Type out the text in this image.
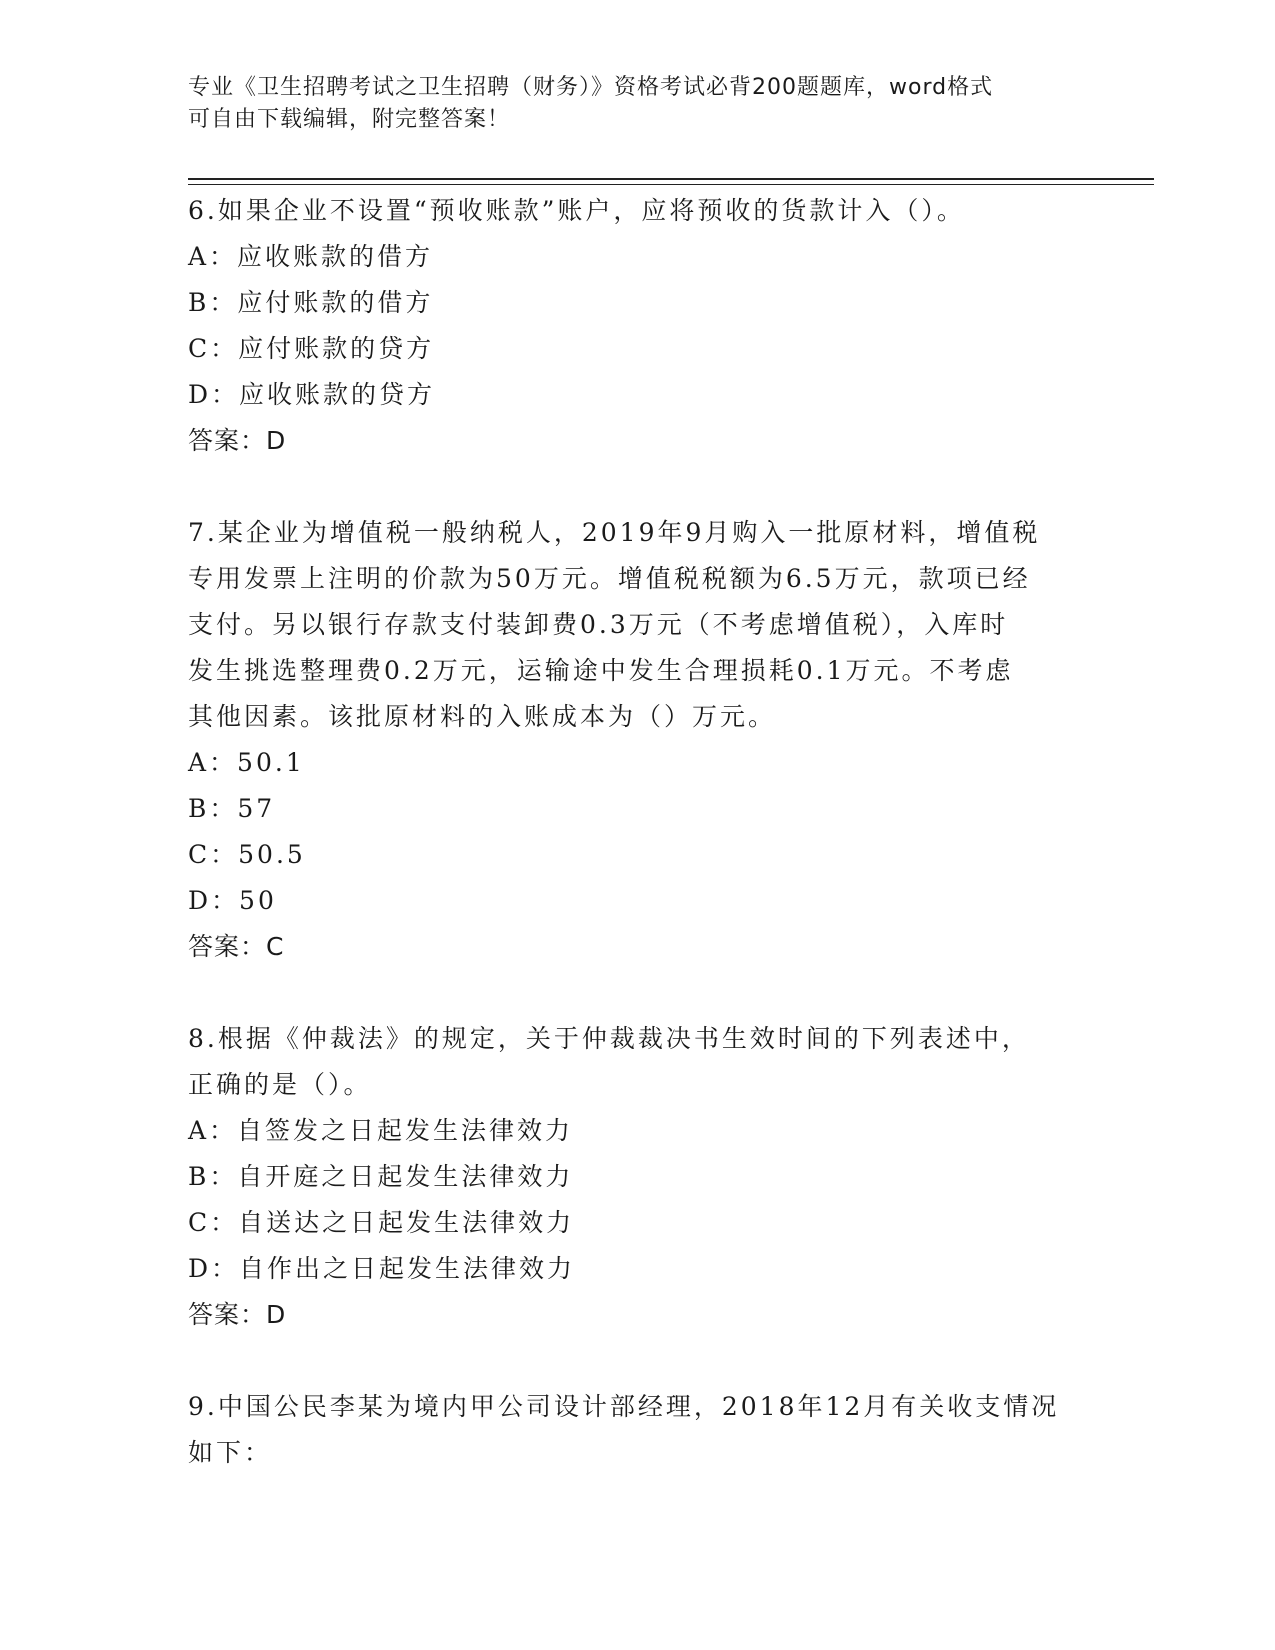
专业《卫生招聘考试之卫生招聘（财务）》资格考试必背200题题库，word格式
可自由下载编辑，附完整答案！
6.如果企业不设置“预收账款”账户，应将预收的货款计入（）。
A：应收账款的借方
B：应付账款的借方
C：应付账款的贷方
D：应收账款的贷方
答案：D
7.某企业为增值税一般纳税人，2019年9月购入一批原材料，增值税
专用发票上注明的价款为50万元。增值税税额为6.5万元，款项已经
支付。另以银行存款支付装卸费0.3万元（不考虑增值税），入库时
发生挑选整理费0.2万元，运输途中发生合理损耗0.1万元。不考虑
其他因素。该批原材料的入账成本为（）万元。
A：50.1
B：57
C：50.5
D：50
答案：C
8.根据《仲裁法》的规定，关于仲裁裁决书生效时间的下列表述中，
正确的是（）。
A：自签发之日起发生法律效力
B：自开庭之日起发生法律效力
C：自送达之日起发生法律效力
D：自作出之日起发生法律效力
答案：D
9.中国公民李某为境内甲公司设计部经理，2018年12月有关收支情况
如下：
